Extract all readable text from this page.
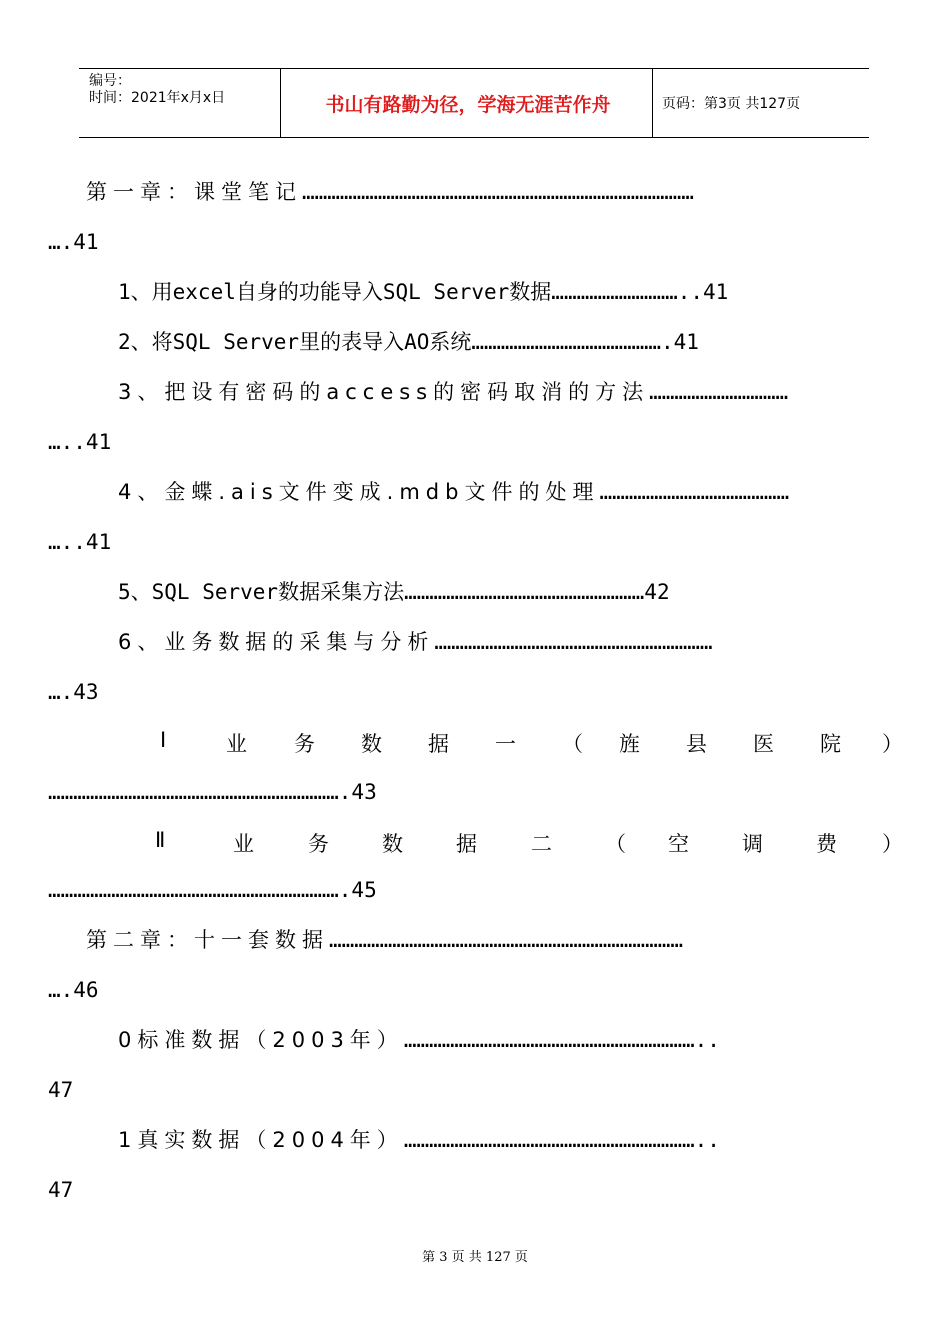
编号：
时间：2021年x月x日	书山有路勤为径，学海无涯苦作舟	页码：第3页 共127页
第一章：课堂笔记…………………………………………………………………………………
….41
1、用excel自身的功能导入SQL Server数据…………………………..41
2、将SQL Server里的表导入AO系统……………………………………….41
3、把设有密码的access的密码取消的方法……………………………
…..41
4、金蝶.ais文件变成.mdb文件的处理………………………………………
…..41
5、SQL Server数据采集方法…………………………………………………42
6、业务数据的采集与分析…………………………………………………………
….43
Ⅰ	业 务 数 据 一 （ 旌 县 医 院 ）
…………………………………………………………….43
Ⅱ	业	务	数	据	二	（ 空	调	费 ）
…………………………………………………………….45
第二章：十一套数据…………………………………………………………………………
….46
0标准数据（2003年）……………………………………………………………..
47
1真实数据（2004年）……………………………………………………………..
47
第 3 页 共 127 页
